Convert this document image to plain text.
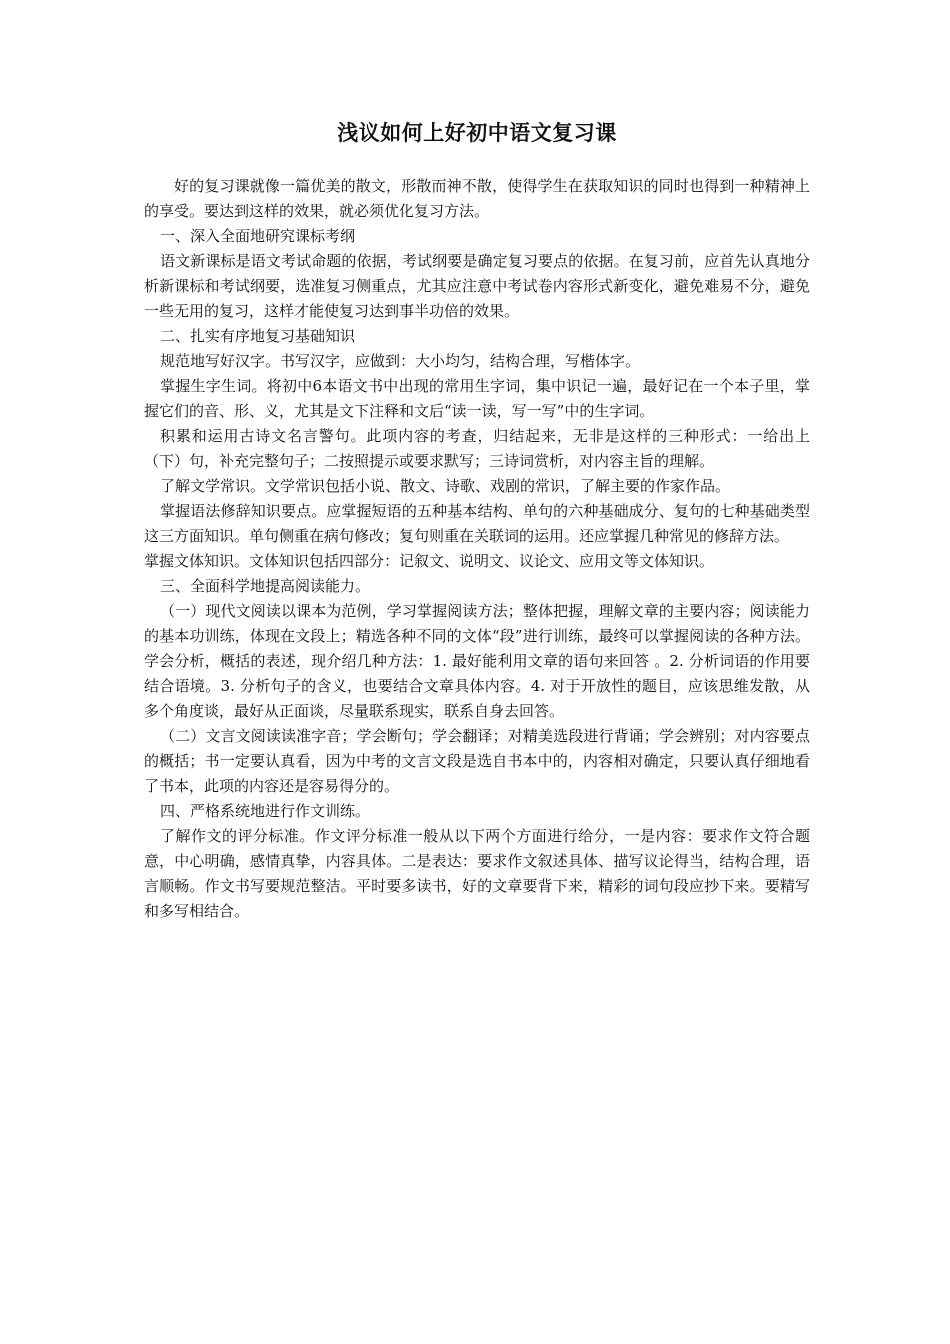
浅议如何上好初中语文复习课

好的复习课就像一篇优美的散文，形散而神不散，使得学生在获取知识的同时也得到一种精神上的享受。要达到这样的效果，就必须优化复习方法。

一、深入全面地研究课标考纲

语文新课标是语文考试命题的依据，考试纲要是确定复习要点的依据。在复习前，应首先认真地分析新课标和考试纲要，选准复习侧重点，尤其应注意中考试卷内容形式新变化，避免难易不分，避免一些无用的复习，这样才能使复习达到事半功倍的效果。

二、扎实有序地复习基础知识

规范地写好汉字。书写汉字，应做到：大小均匀，结构合理，写楷体字。

掌握生字生词。将初中6本语文书中出现的常用生字词，集中识记一遍，最好记在一个本子里，掌握它们的音、形、义，尤其是文下注释和文后“读一读，写一写”中的生字词。

积累和运用古诗文名言警句。此项内容的考查，归结起来，无非是这样的三种形式：一给出上（下）句，补充完整句子；二按照提示或要求默写；三诗词赏析，对内容主旨的理解。

了解文学常识。文学常识包括小说、散文、诗歌、戏剧的常识，了解主要的作家作品。

掌握语法修辞知识要点。应掌握短语的五种基本结构、单句的六种基础成分、复句的七种基础类型这三方面知识。单句侧重在病句修改；复句则重在关联词的运用。还应掌握几种常见的修辞方法。

掌握文体知识。文体知识包括四部分：记叙文、说明文、议论文、应用文等文体知识。

三、全面科学地提高阅读能力。

（一）现代文阅读以课本为范例，学习掌握阅读方法；整体把握，理解文章的主要内容；阅读能力的基本功训练，体现在文段上；精选各种不同的文体“段”进行训练，最终可以掌握阅读的各种方法。学会分析，概括的表述，现介绍几种方法：1. 最好能利用文章的语句来回答 。2. 分析词语的作用要结合语境。3. 分析句子的含义，也要结合文章具体内容。4. 对于开放性的题目，应该思维发散，从多个角度谈，最好从正面谈，尽量联系现实，联系自身去回答。

（二）文言文阅读读准字音；学会断句；学会翻译；对精美选段进行背诵；学会辨别；对内容要点的概括；书一定要认真看，因为中考的文言文段是选自书本中的，内容相对确定，只要认真仔细地看了书本，此项的内容还是容易得分的。

四、严格系统地进行作文训练。

了解作文的评分标准。作文评分标准一般从以下两个方面进行给分，一是内容：要求作文符合题意，中心明确，感情真挚，内容具体。二是表达：要求作文叙述具体、描写议论得当，结构合理，语言顺畅。作文书写要规范整洁。平时要多读书，好的文章要背下来，精彩的词句段应抄下来。要精写和多写相结合。
